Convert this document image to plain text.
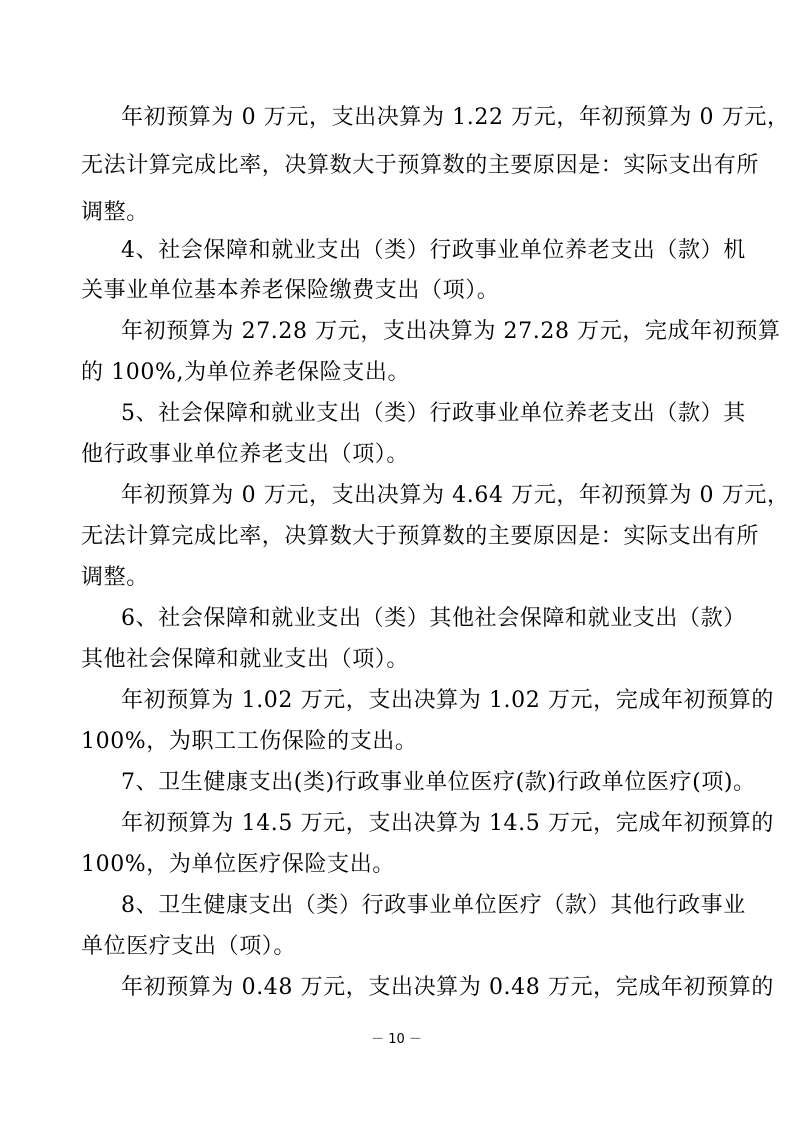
年初预算为 0 万元，支出决算为 1.22 万元，年初预算为 0 万元，
无法计算完成比率，决算数大于预算数的主要原因是：实际支出有所
调整。
4、社会保障和就业支出（类）行政事业单位养老支出（款）机
关事业单位基本养老保险缴费支出（项）。
年初预算为 27.28 万元，支出决算为 27.28 万元，完成年初预算
的 100%,为单位养老保险支出。
5、社会保障和就业支出（类）行政事业单位养老支出（款）其
他行政事业单位养老支出（项）。
年初预算为 0 万元，支出决算为 4.64 万元，年初预算为 0 万元，
无法计算完成比率，决算数大于预算数的主要原因是：实际支出有所
调整。
6、社会保障和就业支出（类）其他社会保障和就业支出（款）
其他社会保障和就业支出（项）。
年初预算为 1.02 万元，支出决算为 1.02 万元，完成年初预算的
100%，为职工工伤保险的支出。
7、卫生健康支出(类)行政事业单位医疗(款)行政单位医疗(项)。
年初预算为 14.5 万元，支出决算为 14.5 万元，完成年初预算的
100%，为单位医疗保险支出。
8、卫生健康支出（类）行政事业单位医疗（款）其他行政事业
单位医疗支出（项）。
年初预算为 0.48 万元，支出决算为 0.48 万元，完成年初预算的
－ 10 －
